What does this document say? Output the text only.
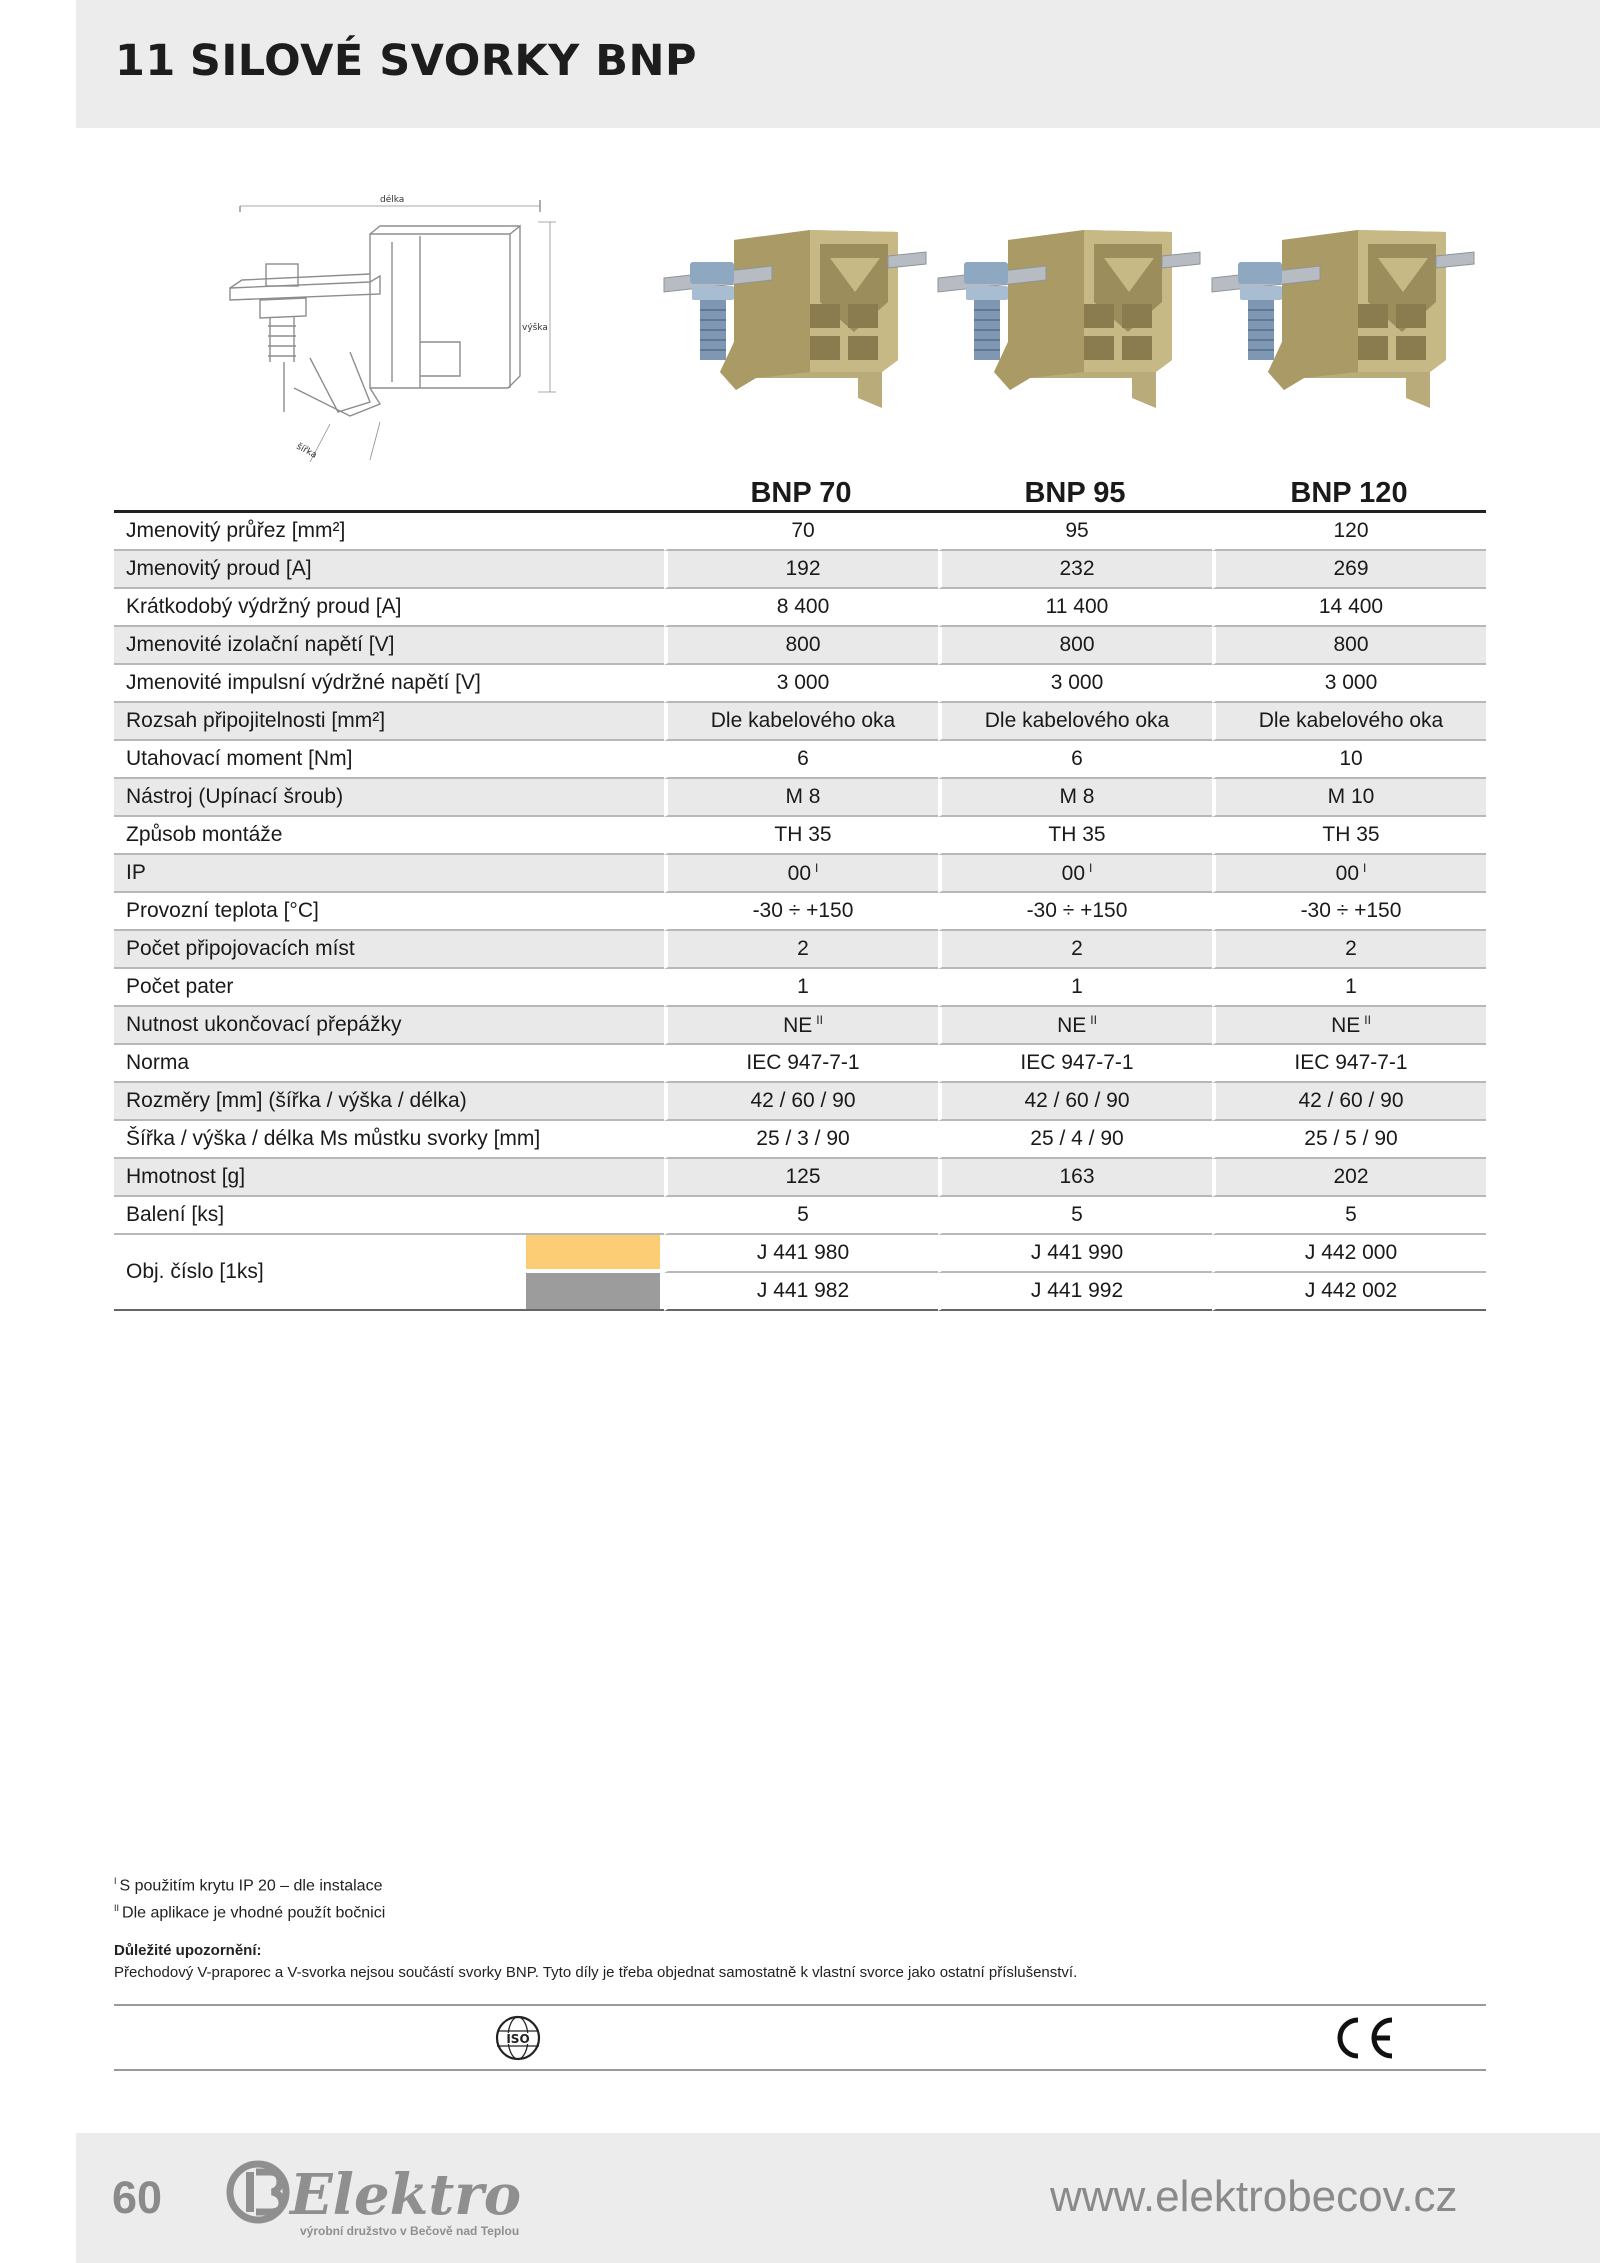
11 SILOVÉ SVORKY BNP
délka
výška
šířka
	BNP 70	BNP 95	BNP 120
Jmenovitý průřez [mm²]	70	95	120
Jmenovitý proud [A]	192	232	269
Krátkodobý výdržný proud [A]	8 400	11 400	14 400
Jmenovité izolační napětí [V]	800	800	800
Jmenovité impulsní výdržné napětí [V]	3 000	3 000	3 000
Rozsah připojitelnosti [mm²]	Dle kabelového oka	Dle kabelového oka	Dle kabelového oka
Utahovací moment [Nm]	6	6	10
Nástroj (Upínací šroub)	M 8	M 8	M 10
Způsob montáže	TH 35	TH 35	TH 35
IP	00 $^I$	00 $^I$	00 $^I$
Provozní teplota [°C]	-30 ÷ +150	-30 ÷ +150	-30 ÷ +150
Počet připojovacích míst	2	2	2
Počet pater	1	1	1
Nutnost ukončovací přepážky	NE $^{II}$	NE $^{II}$	NE $^{II}$
Norma	IEC 947-7-1	IEC 947-7-1	IEC 947-7-1
Rozměry [mm] (šířka / výška / délka)	42 / 60 / 90	42 / 60 / 90	42 / 60 / 90
Šířka / výška / délka Ms můstku svorky [mm]	25 / 3 / 90	25 / 4 / 90	25 / 5 / 90
Hmotnost [g]	125	163	202
Balení [ks]	5	5	5

Obj. číslo [1ks]	J 441 980	J 441 990	J 442 000
	J 441 982	J 441 992	J 442 002
$^I$ S použitím krytu IP 20 – dle instalace
$^{II}$ Dle aplikace je vhodné použít bočnici
Důležité upozornění:
Přechodový V-praporec a V-svorka nejsou součástí svorky BNP. Tyto díly je třeba objednat samostatně k vlastní svorce jako ostatní příslušenství.
ISO
60 Elektro
výrobní družstvo v Bečově nad Teplou
www.elektrobecov.cz
